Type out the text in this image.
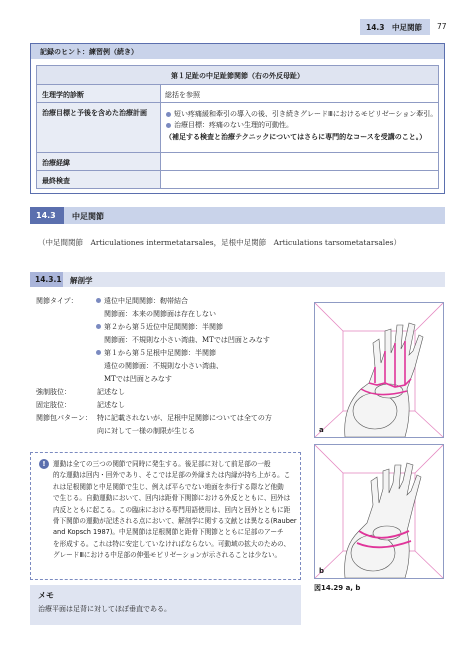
14.3　中足関節 77
記録のヒント：練習例（続き）
第１足趾の中足趾節関節（右の外反母趾）
生理学的診断	総括を参照
治療目標と予後を含めた治療計画	短い疼痛緩和牽引の導入の後、引き続きグレードⅢにおけるモビリゼーション牽引。
治療目標：疼痛のない生理的可動性。
（補足する検査と治療テクニックについてはさらに専門的なコースを受講のこと。）
治療経緯
最終検査
14.3	中足関節
（中足間関節　Articulationes intermetatarsales，足根中足関節　Articulations tarsometatarsales）
14.3.1 解剖学
関節タイプ：	遠位中足間関節：靭帯結合
関節面：本来の関節面は存在しない
第２から第５近位中足間関節：半関節
関節面：不規則な小さい湾曲、MTでは凹面とみなす
第１から第５足根中足関節：半関節
遠位の関節面：不規則な小さい湾曲、
MTでは凹面とみなす
強制肢位：	記述なし
固定肢位：	記述なし
関節包パターン： 特に記載されないが、足根中足関節については全ての方
向に対して一様の制限が生じる
!	運動は全ての三つの関節で同時に発生する。後足部に対して前足部の一般
的な運動は回内・回外であり、そこでは足部の外縁または内縁が持ち上がる。こ
れは足根関節と中足関節で生じ、例えば平らでない地面を歩行する際など他動
で生じる。自動運動において、回内は距骨下関節における外反とともに、回外は
内反とともに起こる。この臨床における専門用語使用は、回内と回外とともに距
骨下関節の運動が記述される点において、解剖学に関する文献とは異なる(Rauber
and Kopsch 1987)。中足関節は足根関節と距骨下関節とともに足部のアーチ
を形成する。これは特に安定していなければならない。可動域の拡大のための、
グレードⅢにおける中足部の伸張モビリゼーションが示されることは少ない。
メモ
治療平面は足背に対してほぼ垂直である。
a
b
図14.29 a, b
